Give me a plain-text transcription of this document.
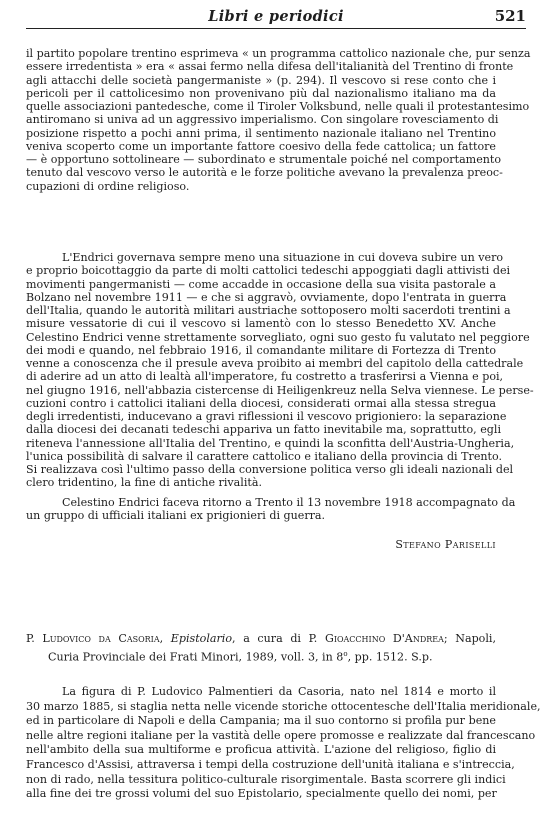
Libri e periodici	521
il partito popolare trentino esprimeva « un programma cattolico nazionale che, pur senza
essere irredentista » era « assai fermo nella difesa dell'italianità del Trentino di fronte
agli attacchi delle società pangermaniste » (p. 294). Il vescovo si rese conto che i
pericoli per il cattolicesimo non provenivano più dal nazionalismo italiano ma da
quelle associazioni pantedesche, come il Tiroler Volksbund, nelle quali il protestantesimo
antiromano si univa ad un aggressivo imperialismo. Con singolare rovesciamento di
posizione rispetto a pochi anni prima, il sentimento nazionale italiano nel Trentino
veniva scoperto come un importante fattore coesivo della fede cattolica; un fattore
— è opportuno sottolineare — subordinato e strumentale poiché nel comportamento
tenuto dal vescovo verso le autorità e le forze politiche avevano la prevalenza preoc-
cupazioni di ordine religioso.
L'Endrici governava sempre meno una situazione in cui doveva subire un vero
e proprio boicottaggio da parte di molti cattolici tedeschi appoggiati dagli attivisti dei
movimenti pangermanisti — come accadde in occasione della sua visita pastorale a
Bolzano nel novembre 1911 — e che si aggravò, ovviamente, dopo l'entrata in guerra
dell'Italia, quando le autorità militari austriache sottoposero molti sacerdoti trentini a
misure vessatorie di cui il vescovo si lamentò con lo stesso Benedetto XV. Anche
Celestino Endrici venne strettamente sorvegliato, ogni suo gesto fu valutato nel peggiore
dei modi e quando, nel febbraio 1916, il comandante militare di Fortezza di Trento
venne a conoscenza che il presule aveva proibito ai membri del capitolo della cattedrale
di aderire ad un atto di lealtà all'imperatore, fu costretto a trasferirsi a Vienna e poi,
nel giugno 1916, nell'abbazia cistercense di Heiligenkreuz nella Selva viennese. Le perse-
cuzioni contro i cattolici italiani della diocesi, considerati ormai alla stessa stregua
degli irredentisti, inducevano a gravi riflessioni il vescovo prigioniero: la separazione
dalla diocesi dei decanati tedeschi appariva un fatto inevitabile ma, soprattutto, egli
riteneva l'annessione all'Italia del Trentino, e quindi la sconfitta dell'Austria-Ungheria,
l'unica possibilità di salvare il carattere cattolico e italiano della provincia di Trento.
Si realizzava così l'ultimo passo della conversione politica verso gli ideali nazionali del
clero tridentino, la fine di antiche rivalità.
Celestino Endrici faceva ritorno a Trento il 13 novembre 1918 accompagnato da
un gruppo di ufficiali italiani ex prigionieri di guerra.
Stefano Pariselli
P. Ludovico da Casoria, Epistolario, a cura di P. Gioacchino D'Andrea; Napoli,
Curia Provinciale dei Frati Minori, 1989, voll. 3, in 8$^o$, pp. 1512. S.p.
La figura di P. Ludovico Palmentieri da Casoria, nato nel 1814 e morto il
30 marzo 1885, si staglia netta nelle vicende storiche ottocentesche dell'Italia meridionale,
ed in particolare di Napoli e della Campania; ma il suo contorno si profila pur bene
nelle altre regioni italiane per la vastità delle opere promosse e realizzate dal francescano
nell'ambito della sua multiforme e proficua attività. L'azione del religioso, figlio di
Francesco d'Assisi, attraversa i tempi della costruzione dell'unità italiana e s'intreccia,
non di rado, nella tessitura politico-culturale risorgimentale. Basta scorrere gli indici
alla fine dei tre grossi volumi del suo Epistolario, specialmente quello dei nomi, per
